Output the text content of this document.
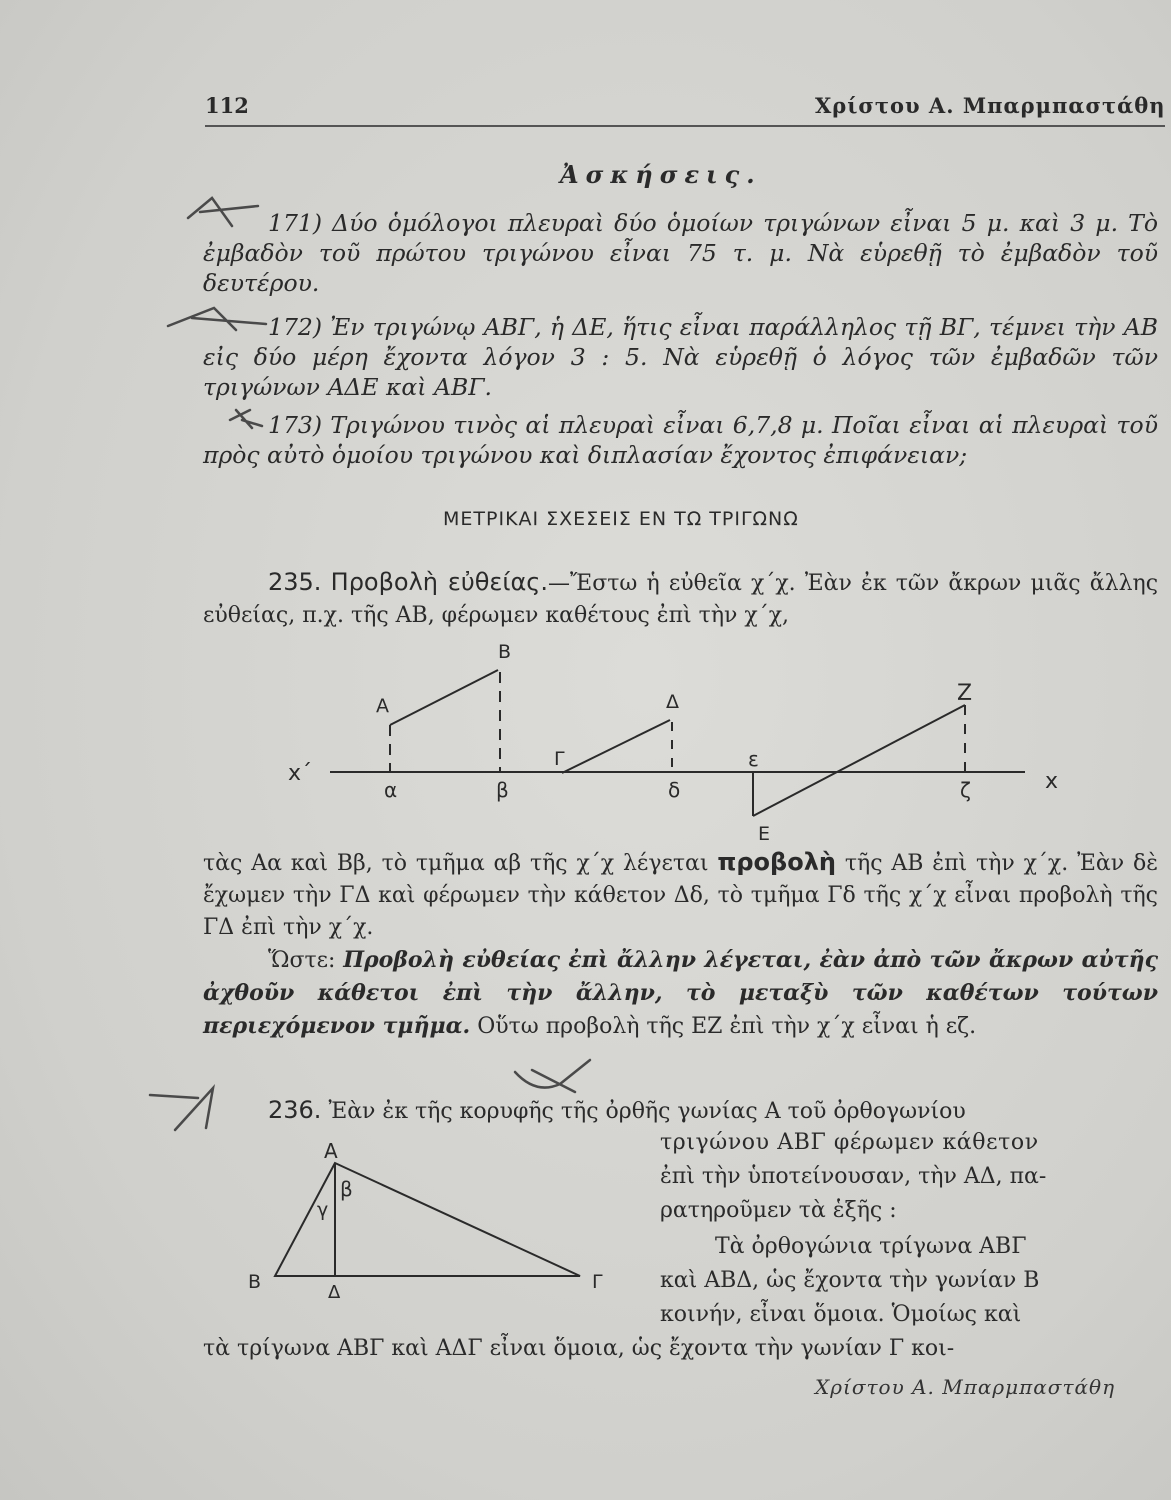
112	Χρίστου Α. Μπαρμπαστάθη
Ἀσκήσεις.

171) Δύο ὁμόλογοι πλευραὶ δύο ὁμοίων τριγώνων εἶναι 5 μ. καὶ 3 μ. Τὸ ἐμβαδὸν τοῦ πρώτου τριγώνου εἶναι 75 τ. μ. Νὰ εὑρεθῇ τὸ ἐμβαδὸν τοῦ δευτέρου.

172) Ἐν τριγώνῳ ΑΒΓ, ἡ ΔΕ, ἥτις εἶναι παράλληλος τῇ ΒΓ, τέμνει τὴν ΑΒ εἰς δύο μέρη ἔχοντα λόγον 3 : 5. Νὰ εὑρεθῇ ὁ λόγος τῶν ἐμβαδῶν τῶν τριγώνων ΑΔΕ καὶ ΑΒΓ.

173) Τριγώνου τινὸς αἱ πλευραὶ εἶναι 6,7,8 μ. Ποῖαι εἶναι αἱ πλευραὶ τοῦ πρὸς αὐτὸ ὁμοίου τριγώνου καὶ διπλασίαν ἔχοντος ἐπιφάνειαν;

ΜΕΤΡΙΚΑΙ ΣΧΕΣΕΙΣ ΕΝ ΤΩ ΤΡΙΓΩΝΩ

235. Προβολὴ εὐθείας.—Ἔστω ἡ εὐθεῖα χ΄χ. Ἐὰν ἐκ τῶν ἄκρων μιᾶς ἄλλης εὐθείας, π.χ. τῆς ΑΒ, φέρωμεν καθέτους ἐπὶ τὴν χ΄χ,

x΄	x
Α
Β
Γ
Δ
Ε
Ζ
α	β	δ
ε
ζ
τὰς Αα καὶ Ββ, τὸ τμῆμα αβ τῆς χ΄χ λέγεται προβολὴ τῆς ΑΒ ἐπὶ τὴν χ΄χ. Ἐὰν δὲ ἔχωμεν τὴν ΓΔ καὶ φέρωμεν τὴν κάθετον Δδ, τὸ τμῆμα Γδ τῆς χ΄χ εἶναι προβολὴ τῆς ΓΔ ἐπὶ τὴν χ΄χ.

Ὥστε: Προβολὴ εὐθείας ἐπὶ ἄλλην λέγεται, ἐὰν ἀπὸ τῶν ἄκρων αὐτῆς ἀχθοῦν κάθετοι ἐπὶ τὴν ἄλλην, τὸ μεταξὺ τῶν καθέτων τούτων περιεχόμενον τμῆμα. Οὕτω προβολὴ τῆς ΕΖ ἐπὶ τὴν χ΄χ εἶναι ἡ εζ.

236. Ἐὰν ἐκ τῆς κορυφῆς τῆς ὀρθῆς γωνίας Α τοῦ ὀρθογωνίου
τριγώνου ΑΒΓ φέρωμεν κάθετον
ἐπὶ τὴν ὑποτείνουσαν, τὴν ΑΔ, πα-
ρατηροῦμεν τὰ ἑξῆς :
Τὰ ὀρθογώνια τρίγωνα ΑΒΓ
καὶ ΑΒΔ, ὡς ἔχοντα τὴν γωνίαν Β
κοινήν, εἶναι ὅμοια. Ὁμοίως καὶ
τὰ τρίγωνα ΑΒΓ καὶ ΑΔΓ εἶναι ὅμοια, ὡς ἔχοντα τὴν γωνίαν Γ κοι-
Α
Β	Γ
Δ
β
γ
Χρίστου Α. Μπαρμπαστάθη
